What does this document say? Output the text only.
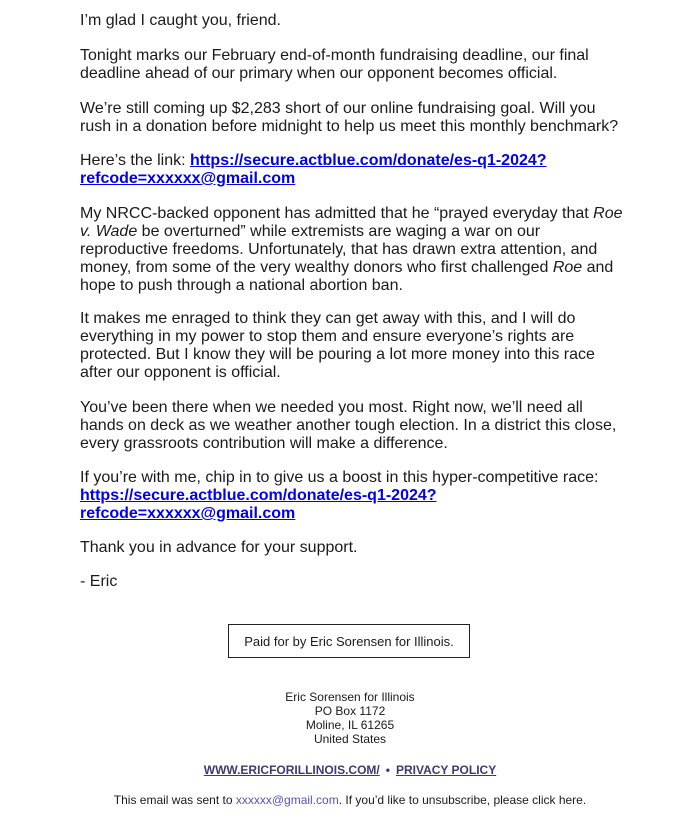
I’m glad I caught you, friend.

Tonight marks our February end-of-month fundraising deadline, our final deadline ahead of our primary when our opponent becomes official.

We’re still coming up $2,283 short of our online fundraising goal. Will you rush in a donation before midnight to help us meet this monthly benchmark?

Here’s the link: https://secure.actblue.com/donate/es-q1-2024?refcode=xxxxxx@gmail.com

My NRCC-backed opponent has admitted that he “prayed everyday that Roe v. Wade be overturned” while extremists are waging a war on our reproductive freedoms. Unfortunately, that has drawn extra attention, and money, from some of the very wealthy donors who first challenged Roe and hope to push through a national abortion ban.

It makes me enraged to think they can get away with this, and I will do everything in my power to stop them and ensure everyone’s rights are protected. But I know they will be pouring a lot more money into this race after our opponent is official.

You’ve been there when we needed you most. Right now, we’ll need all hands on deck as we weather another tough election. In a district this close, every grassroots contribution will make a difference.

If you’re with me, chip in to give us a boost in this hyper-competitive race: https://secure.actblue.com/donate/es-q1-2024?refcode=xxxxxx@gmail.com

Thank you in advance for your support.

- Eric

Paid for by Eric Sorensen for Illinois.
Eric Sorensen for Illinois
PO Box 1172
Moline, IL 61265
United States
WWW.ERICFORILLINOIS.COM/ • PRIVACY POLICY
This email was sent to xxxxxx@gmail.com. If you’d like to unsubscribe, please click here.
